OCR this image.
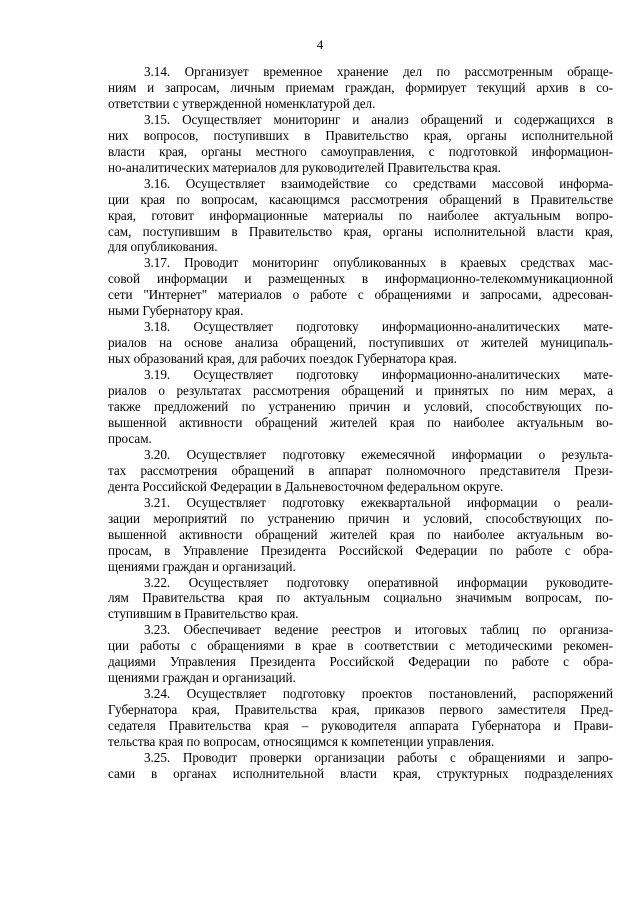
4
3.14. Организует временное хранение дел по рассмотренным обраще-
ниям и запросам, личным приемам граждан, формирует текущий архив в со-
ответствии с утвержденной номенклатурой дел.
3.15. Осуществляет мониторинг и анализ обращений и содержащихся в
них вопросов, поступивших в Правительство края, органы исполнительной
власти края, органы местного самоуправления, с подготовкой информацион-
но-аналитических материалов для руководителей Правительства края.
3.16. Осуществляет взаимодействие со средствами массовой информа-
ции края по вопросам, касающимся рассмотрения обращений в Правительстве
края, готовит информационные материалы по наиболее актуальным вопро-
сам, поступившим в Правительство края, органы исполнительной власти края,
для опубликования.
3.17. Проводит мониторинг опубликованных в краевых средствах мас-
совой информации и размещенных в информационно-телекоммуникационной
сети "Интернет" материалов о работе с обращениями и запросами, адресован-
ными Губернатору края.
3.18. Осуществляет подготовку информационно-аналитических мате-
риалов на основе анализа обращений, поступивших от жителей муниципаль-
ных образований края, для рабочих поездок Губернатора края.
3.19. Осуществляет подготовку информационно-аналитических мате-
риалов о результатах рассмотрения обращений и принятых по ним мерах, а
также предложений по устранению причин и условий, способствующих по-
вышенной активности обращений жителей края по наиболее актуальным во-
просам.
3.20. Осуществляет подготовку ежемесячной информации о результа-
тах рассмотрения обращений в аппарат полномочного представителя Прези-
дента Российской Федерации в Дальневосточном федеральном округе.
3.21. Осуществляет подготовку ежеквартальной информации о реали-
зации мероприятий по устранению причин и условий, способствующих по-
вышенной активности обращений жителей края по наиболее актуальным во-
просам, в Управление Президента Российской Федерации по работе с обра-
щениями граждан и организаций.
3.22. Осуществляет подготовку оперативной информации руководите-
лям Правительства края по актуальным социально значимым вопросам, по-
ступившим в Правительство края.
3.23. Обеспечивает ведение реестров и итоговых таблиц по организа-
ции работы с обращениями в крае в соответствии с методическими рекомен-
дациями Управления Президента Российской Федерации по работе с обра-
щениями граждан и организаций.
3.24. Осуществляет подготовку проектов постановлений, распоряжений
Губернатора края, Правительства края, приказов первого заместителя Пред-
седателя Правительства края – руководителя аппарата Губернатора и Прави-
тельства края по вопросам, относящимся к компетенции управления.
3.25. Проводит проверки организации работы с обращениями и запро-
сами в органах исполнительной власти края, структурных подразделениях
